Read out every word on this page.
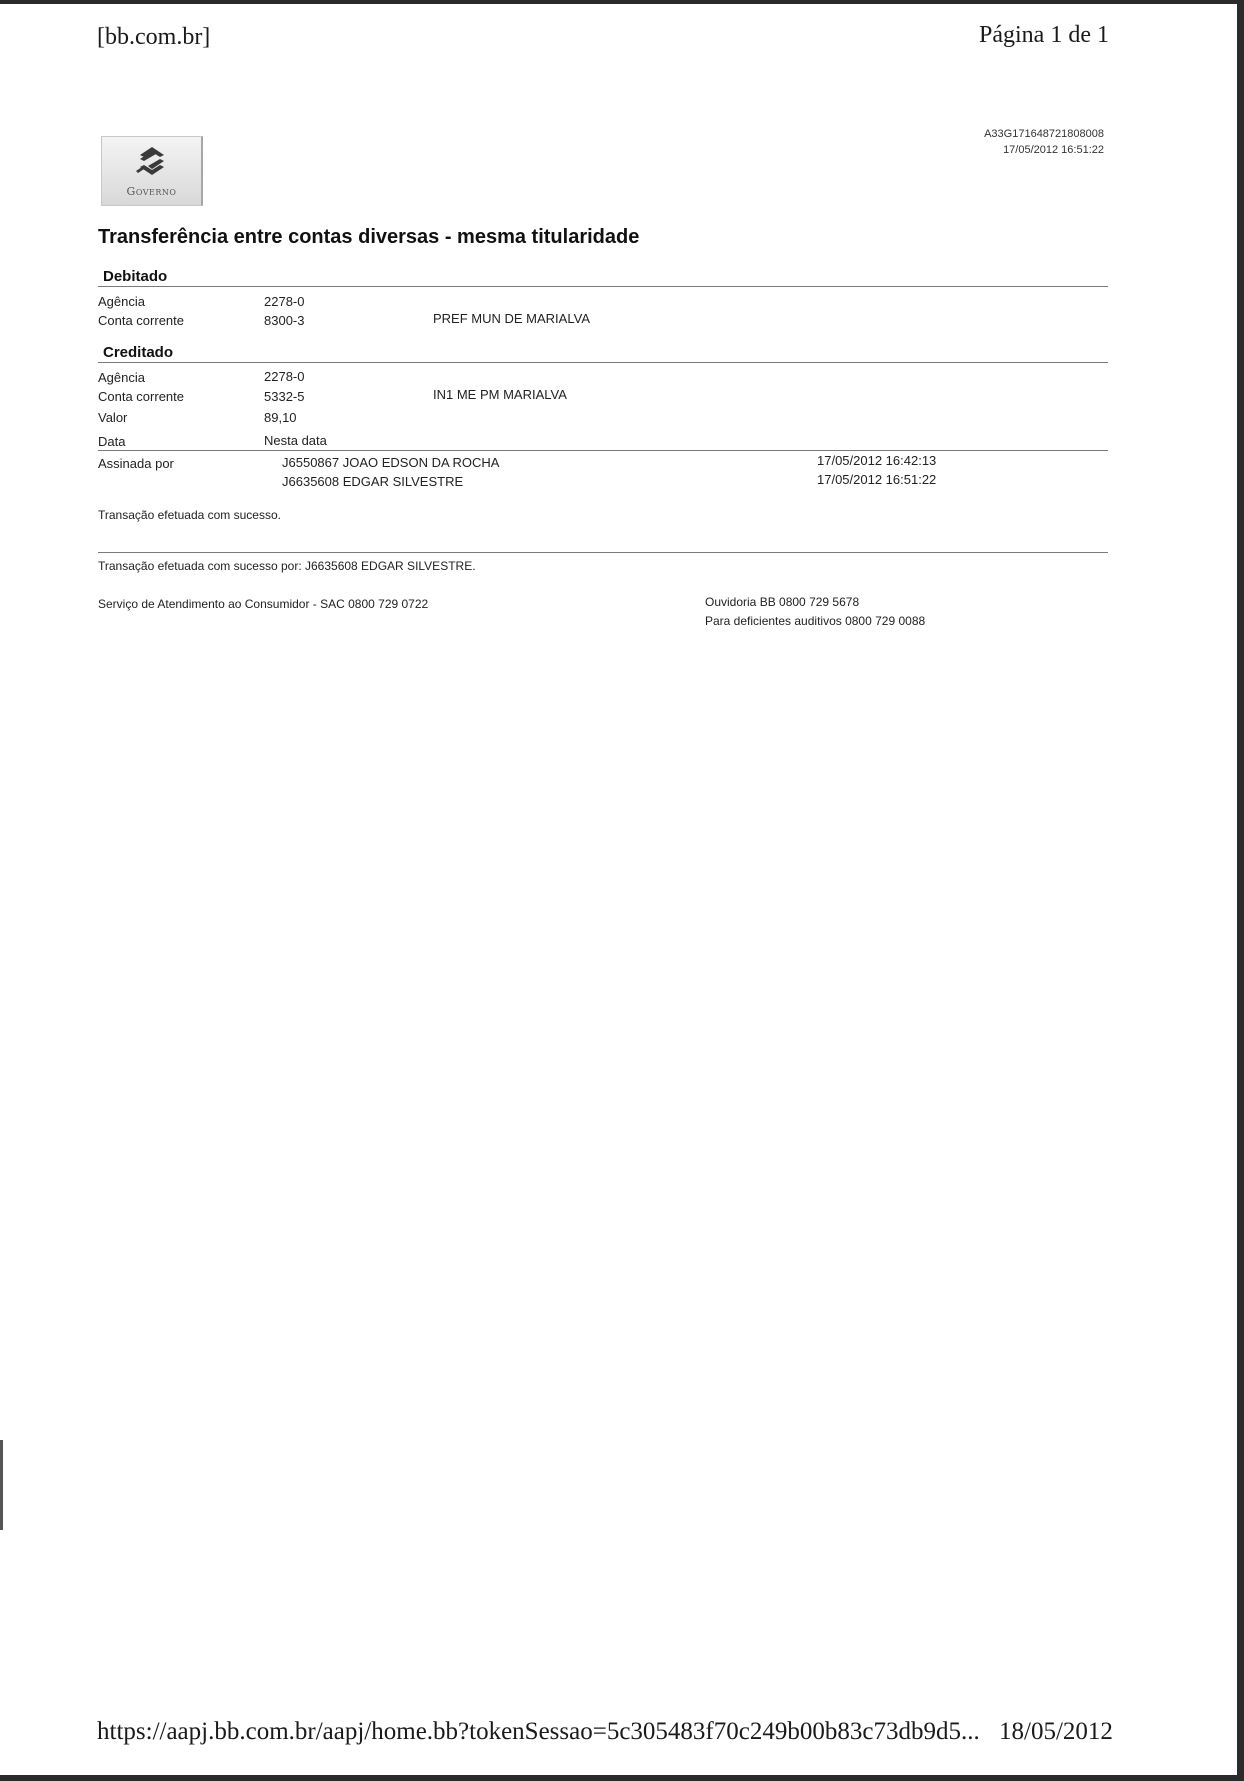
[bb.com.br]	Página 1 de 1
Governo
A33G171648721808008
17/05/2012 16:51:22
Transferência entre contas diversas - mesma titularidade
Debitado
Agência	2278-0
Conta corrente	8300-3	PREF MUN DE MARIALVA
Creditado
Agência	2278-0
Conta corrente	5332-5	IN1 ME PM MARIALVA
Valor	89,10
Data	Nesta data
Assinada por	J6550867 JOAO EDSON DA ROCHA	17/05/2012 16:42:13
J6635608 EDGAR SILVESTRE	17/05/2012 16:51:22
Transação efetuada com sucesso.
Transação efetuada com sucesso por: J6635608 EDGAR SILVESTRE.
Serviço de Atendimento ao Consumidor - SAC 0800 729 0722	Ouvidoria BB 0800 729 5678
Para deficientes auditivos 0800 729 0088
https://aapj.bb.com.br/aapj/home.bb?tokenSessao=5c305483f70c249b00b83c73db9d5... 18/05/2012
